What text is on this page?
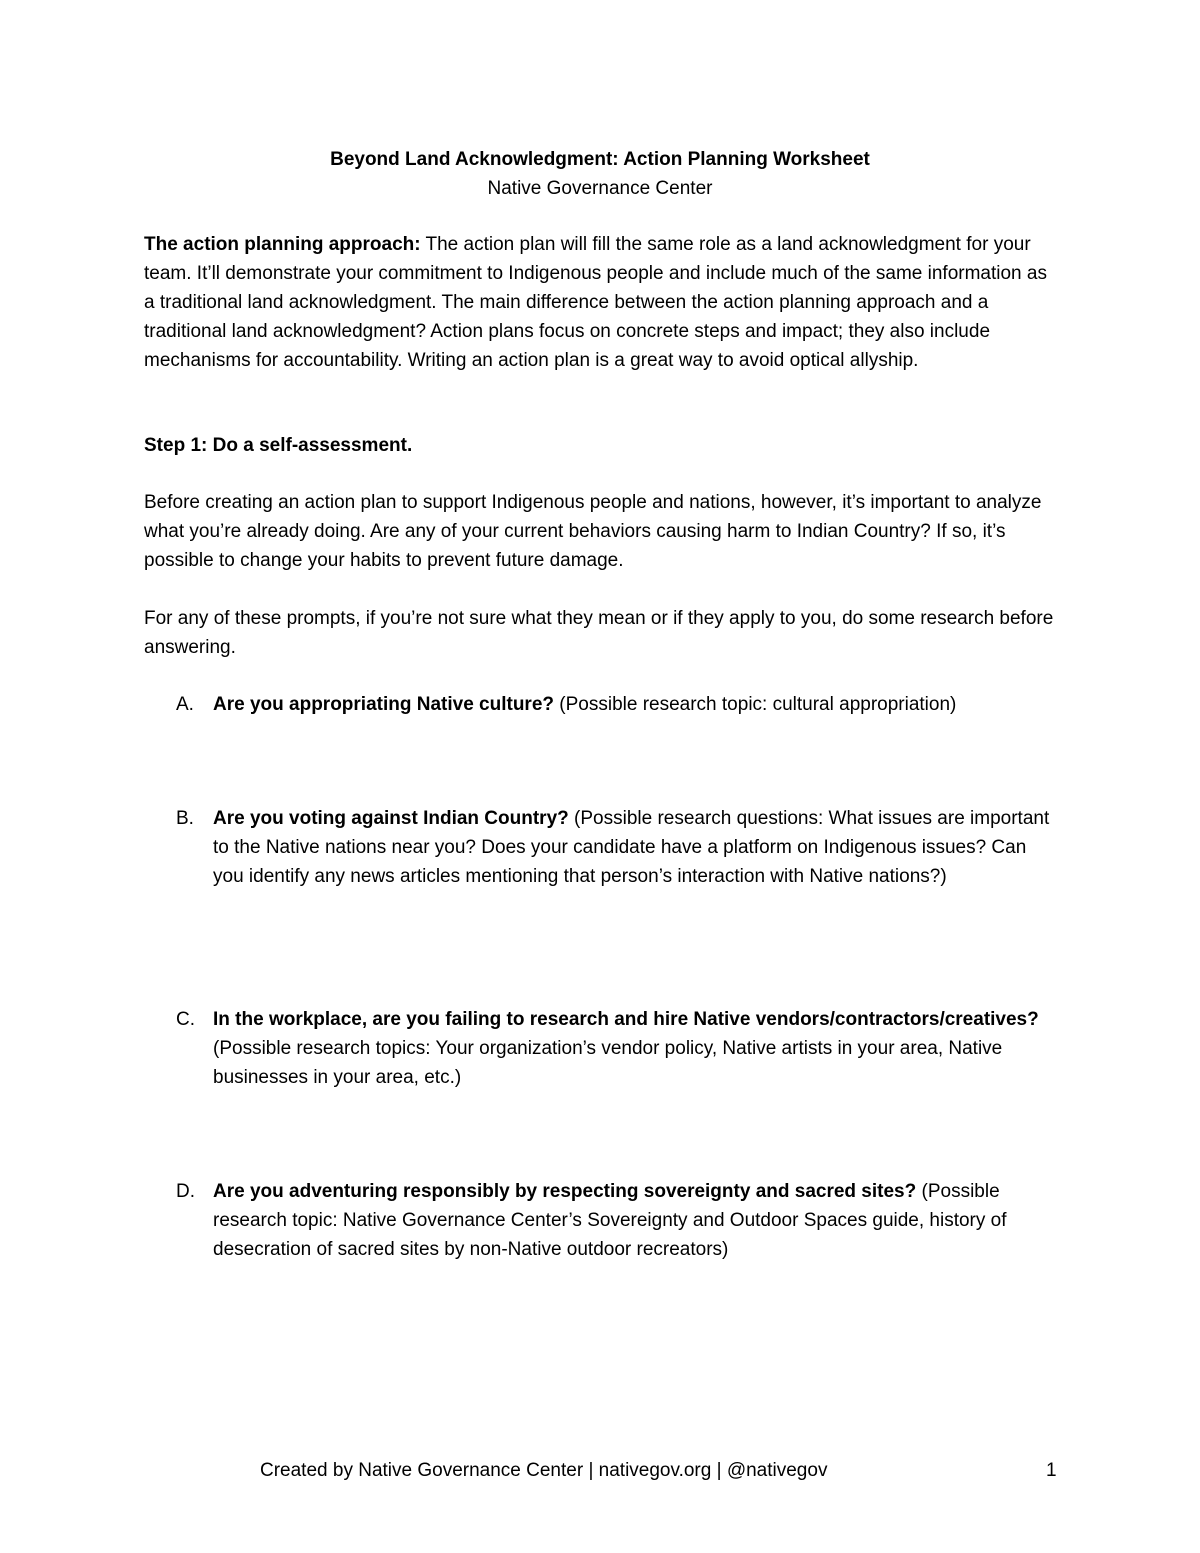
Beyond Land Acknowledgment: Action Planning Worksheet
Native Governance Center

The action planning approach: The action plan will fill the same role as a land acknowledgment for your team. It’ll demonstrate your commitment to Indigenous people and include much of the same information as a traditional land acknowledgment. The main difference between the action planning approach and a traditional land acknowledgment? Action plans focus on concrete steps and impact; they also include mechanisms for accountability. Writing an action plan is a great way to avoid optical allyship.

Step 1: Do a self-assessment.

Before creating an action plan to support Indigenous people and nations, however, it’s important to analyze what you’re already doing. Are any of your current behaviors causing harm to Indian Country? If so, it’s possible to change your habits to prevent future damage.

For any of these prompts, if you’re not sure what they mean or if they apply to you, do some research before answering.

A. Are you appropriating Native culture? (Possible research topic: cultural appropriation)
B. Are you voting against Indian Country? (Possible research questions: What issues are important to the Native nations near you? Does your candidate have a platform on Indigenous issues? Can you identify any news articles mentioning that person’s interaction with Native nations?)
C. In the workplace, are you failing to research and hire Native vendors/contractors/creatives? (Possible research topics: Your organization’s vendor policy, Native artists in your area, Native businesses in your area, etc.)
D. Are you adventuring responsibly by respecting sovereignty and sacred sites? (Possible research topic: Native Governance Center’s Sovereignty and Outdoor Spaces guide, history of desecration of sacred sites by non-Native outdoor recreators)
Created by Native Governance Center | nativegov.org | @nativegov	1
